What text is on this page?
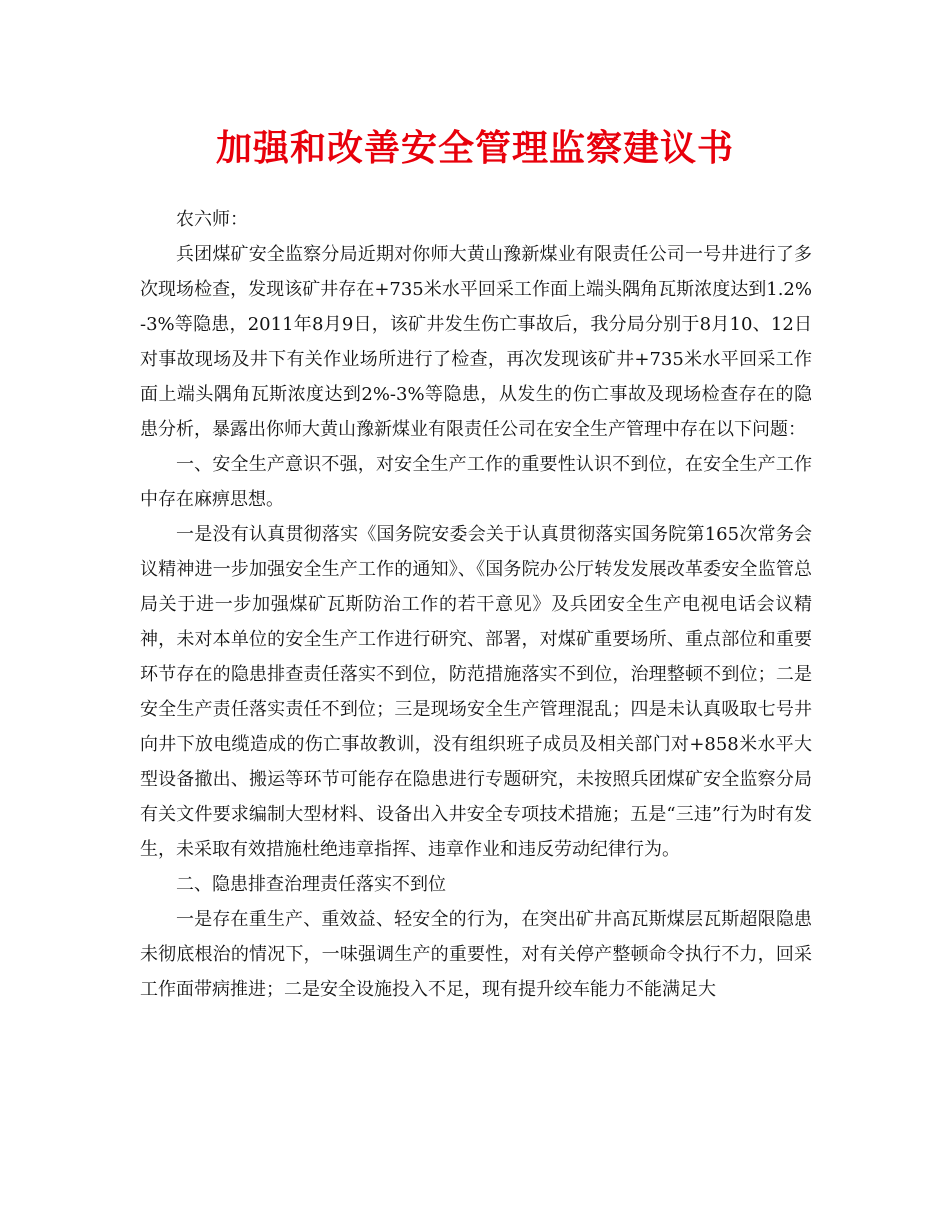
加强和改善安全管理监察建议书

农六师：

兵团煤矿安全监察分局近期对你师大黄山豫新煤业有限责任公司一号井进行了多次现场检查，发现该矿井存在+735米水平回采工作面上端头隅角瓦斯浓度达到1.2%-3%等隐患，2011年8月9日，该矿井发生伤亡事故后，我分局分别于8月10、12日对事故现场及井下有关作业场所进行了检查，再次发现该矿井+735米水平回采工作面上端头隅角瓦斯浓度达到2%-3%等隐患，从发生的伤亡事故及现场检查存在的隐患分析，暴露出你师大黄山豫新煤业有限责任公司在安全生产管理中存在以下问题：

一、安全生产意识不强，对安全生产工作的重要性认识不到位，在安全生产工作中存在麻痹思想。

一是没有认真贯彻落实《国务院安委会关于认真贯彻落实国务院第165次常务会议精神进一步加强安全生产工作的通知》、《国务院办公厅转发发展改革委安全监管总局关于进一步加强煤矿瓦斯防治工作的若干意见》及兵团安全生产电视电话会议精神，未对本单位的安全生产工作进行研究、部署，对煤矿重要场所、重点部位和重要环节存在的隐患排查责任落实不到位，防范措施落实不到位，治理整顿不到位；二是安全生产责任落实责任不到位；三是现场安全生产管理混乱；四是未认真吸取七号井向井下放电缆造成的伤亡事故教训，没有组织班子成员及相关部门对+858米水平大型设备撤出、搬运等环节可能存在隐患进行专题研究，未按照兵团煤矿安全监察分局有关文件要求编制大型材料、设备出入井安全专项技术措施；五是“三违”行为时有发生，未采取有效措施杜绝违章指挥、违章作业和违反劳动纪律行为。

二、隐患排查治理责任落实不到位

一是存在重生产、重效益、轻安全的行为，在突出矿井高瓦斯煤层瓦斯超限隐患未彻底根治的情况下，一味强调生产的重要性，对有关停产整顿命令执行不力，回采工作面带病推进；二是安全设施投入不足，现有提升绞车能力不能满足大
